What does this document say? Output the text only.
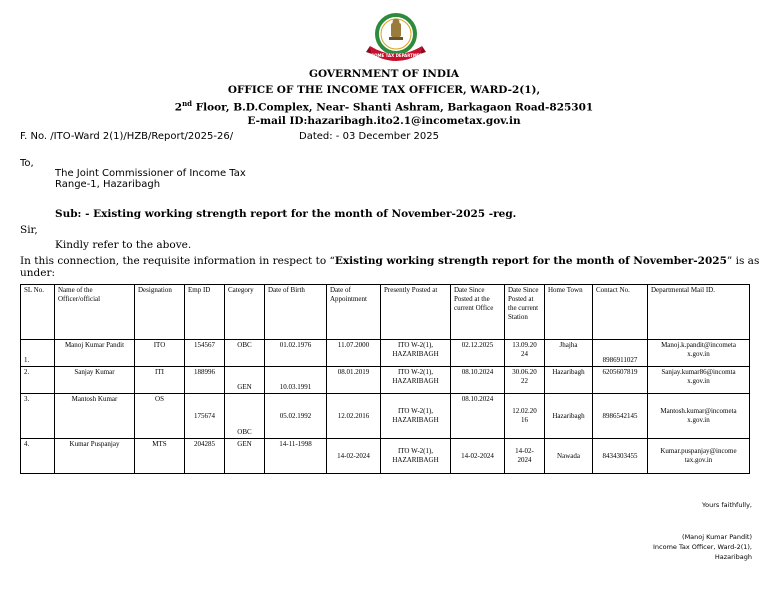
INCOME TAX DEPARTMENT
GOVERNMENT OF INDIA
OFFICE OF THE INCOME TAX OFFICER, WARD-2(1),
2nd Floor, B.D.Complex, Near- Shanti Ashram, Barkagaon Road-825301
E-mail ID:hazaribagh.ito2.1@incometax.gov.in
F. No. /ITO-Ward 2(1)/HZB/Report/2025-26/	Dated: - 03 December 2025
To,
The Joint Commissioner of Income Tax
Range-1, Hazaribagh
Sub: - Existing working strength report for the month of November-2025 -reg.
Sir,
Kindly refer to the above.
In this connection, the requisite information in respect to “Existing working strength report for the month of November-2025” is as under:
SL No.	Name of the Officer/official	Designation	Emp ID	Category	Date of Birth	Date of Appointment	Presently Posted at	Date Since Posted at the current Office	Date Since Posted at the current Station	Home Town	Contact No.	Departmental Mail ID.
1.	Manoj Kumar Pandit	ITO	154567	OBC	01.02.1976	11.07.2000	ITO W-2(1), HAZARIBAGH	02.12.2025	13.09.20 24	Jhajha	8986911027	Manoj.k.pandit@incometa x.gov.in
2.	Sanjay Kumar	ITI	188996	GEN	10.03.1991	08.01.2019	ITO W-2(1), HAZARIBAGH	08.10.2024	30.06.20 22	Hazaribagh	6205607819	Sanjay.kumar86@incomta x.gov.in
3.	Mantosh Kumar	OS	175674	OBC	05.02.1992	12.02.2016	ITO W-2(1), HAZARIBAGH	08.10.2024	12.02.20 16	Hazaribagh	8986542145	Mantosh.kumar@incometa x.gov.in
4.	Kumar Puspanjay	MTS	204285	GEN	14-11-1998	14-02-2024	ITO W-2(1), HAZARIBAGH	14-02-2024	14-02- 2024	Nawada	8434303455	Kumar.puspanjay@income tax.gov.in
Yours faithfully,
(Manoj Kumar Pandit)
Income Tax Officer, Ward-2(1),
Hazaribagh
